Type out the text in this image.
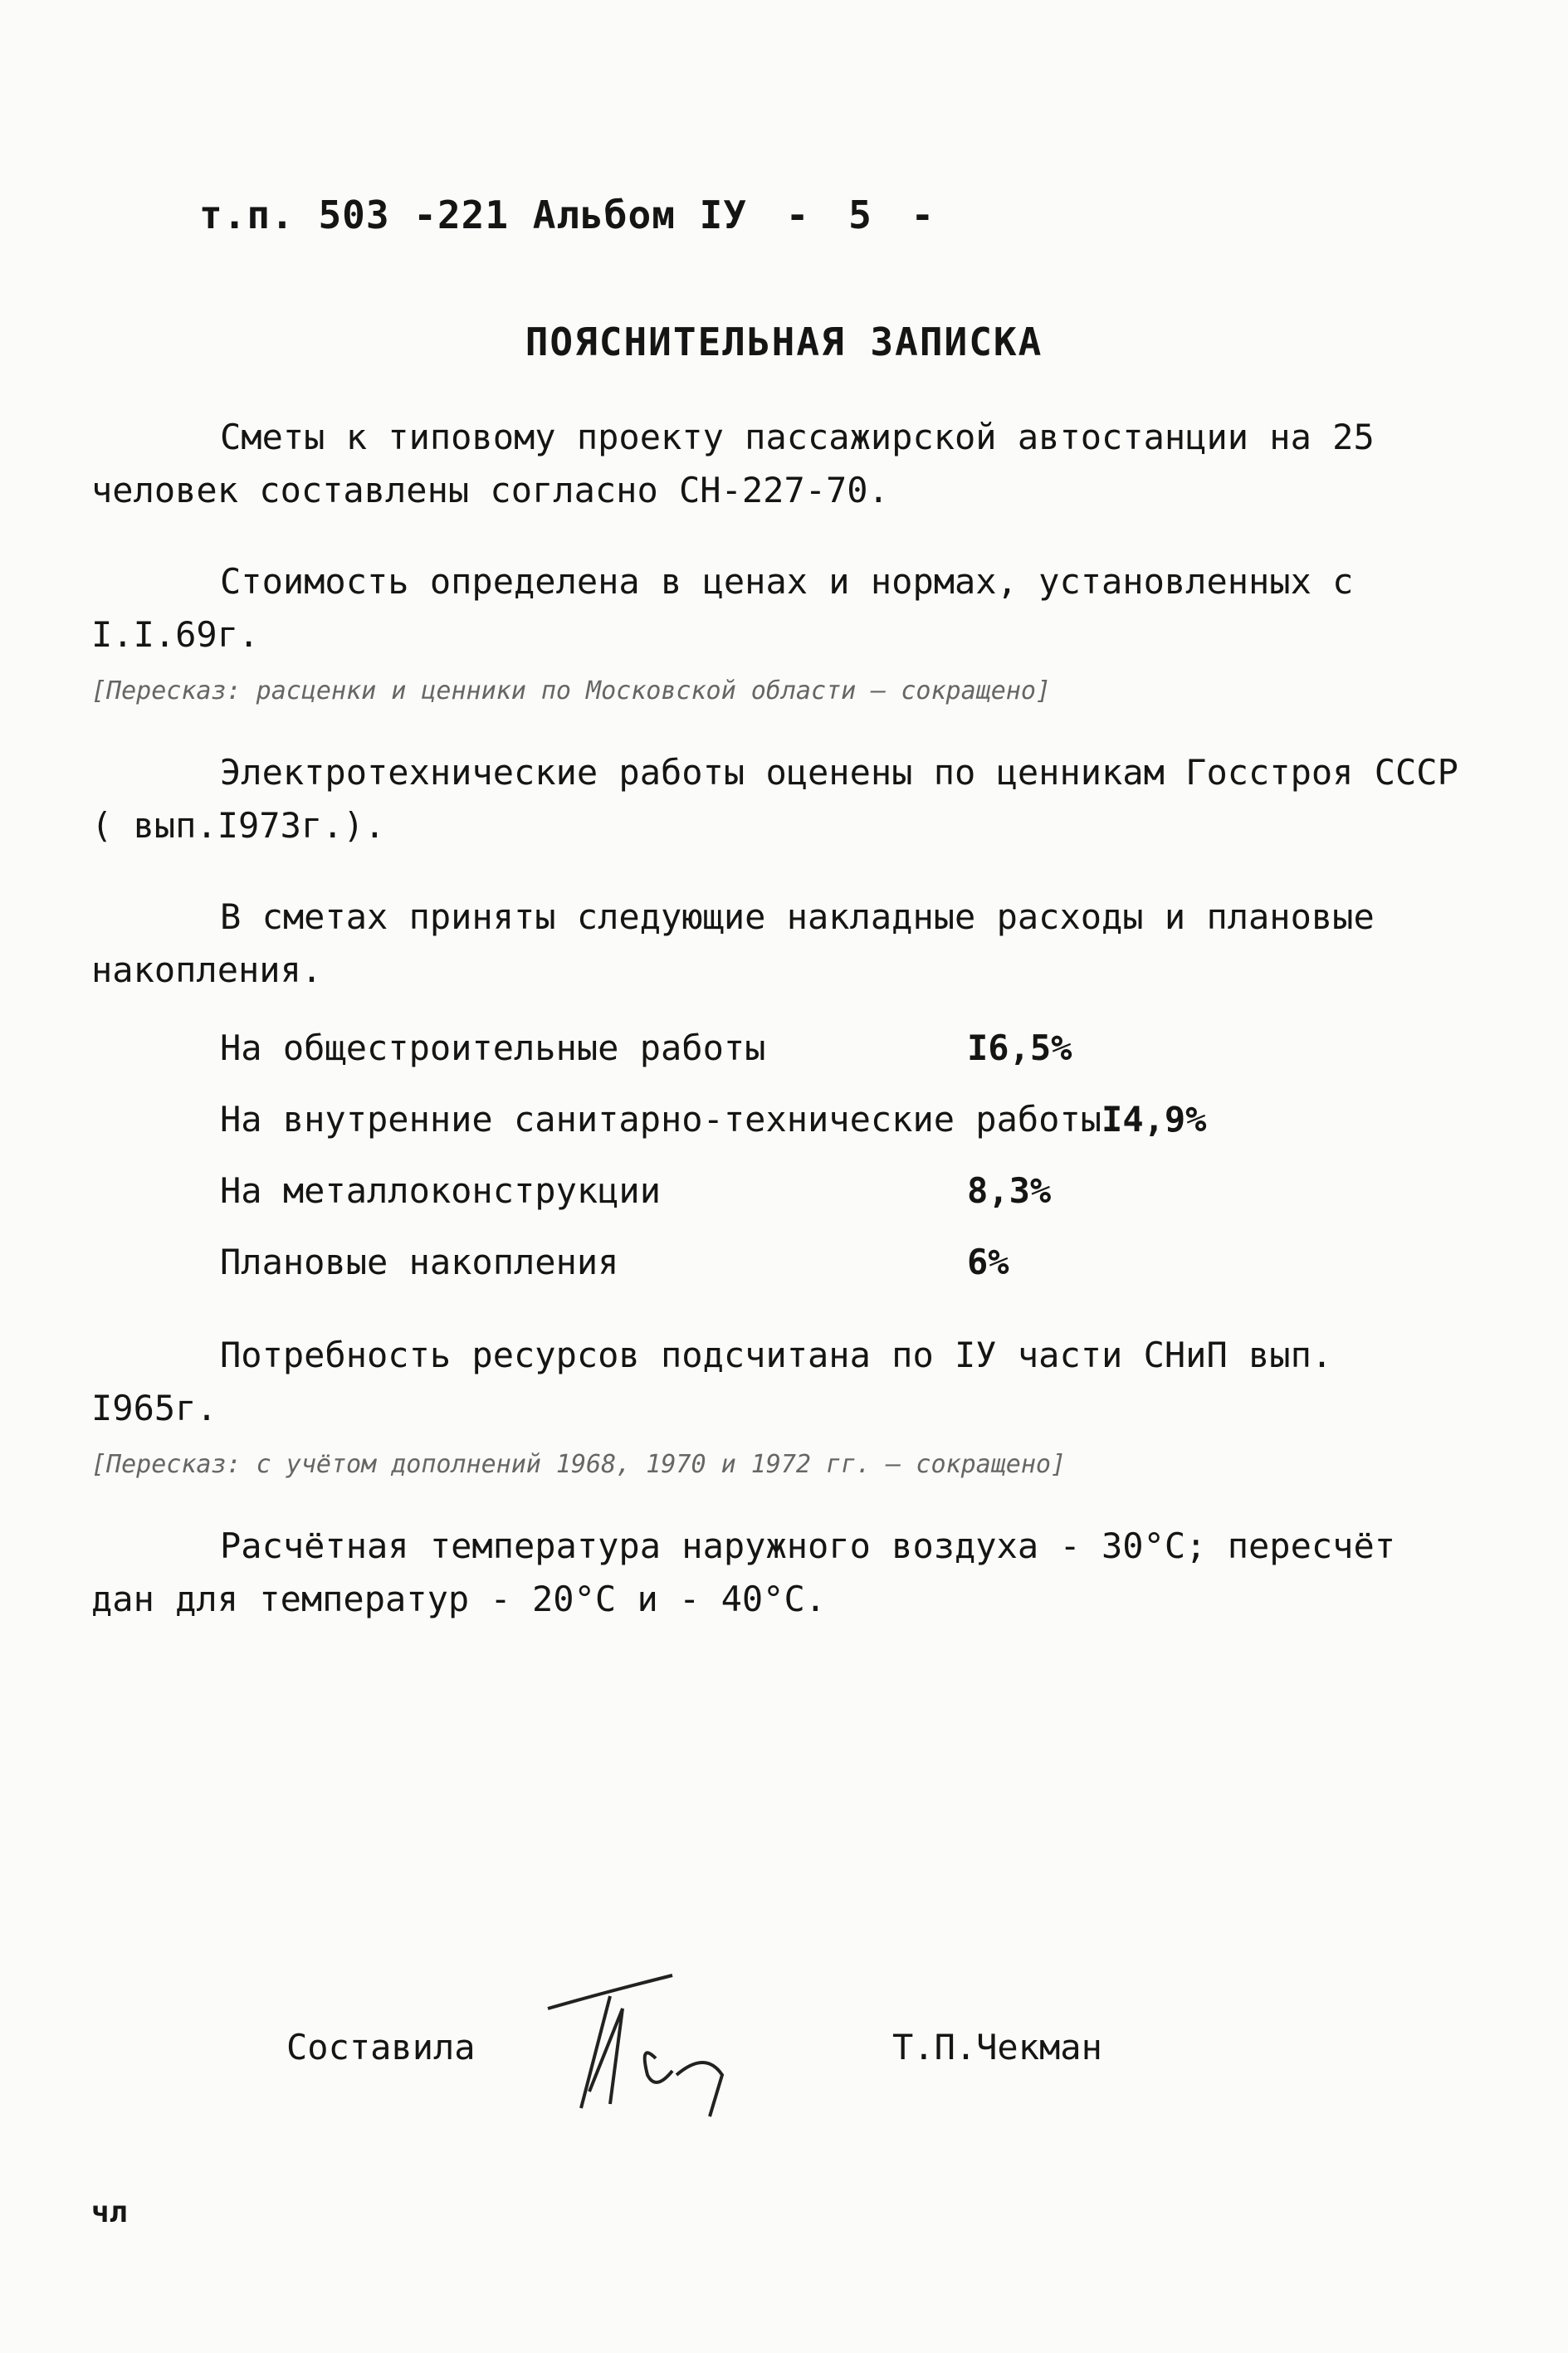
т.п. 503 -221 Альбом IУ - 5 -
ПОЯСНИТЕЛЬНАЯ ЗАПИСКА

Сметы к типовому проекту пассажирской автостанции на 25 человек составлены согласно СН-227-70.

Стоимость определена в ценах и нормах, установленных с I.I.69г.

[Пересказ: расценки и ценники по Московской области — сокращено]

Электротехнические работы оценены по ценникам Госстроя СССР ( вып.I973г.).

В сметах приняты следующие накладные расходы и плановые накопления.

На общестроительные работы	I6,5%
На внутренние санитарно-технические работы I4,9%
На металлоконструкции	8,3%
Плановые накопления	6%

Потребность ресурсов подсчитана по IУ части СНиП вып. I965г.

[Пересказ: с учётом дополнений 1968, 1970 и 1972 гг. — сокращено]

Расчётная температура наружного воздуха - 30°С; пересчёт дан для температур - 20°С и - 40°С.

Составила	Т.П.Чекман
чл
